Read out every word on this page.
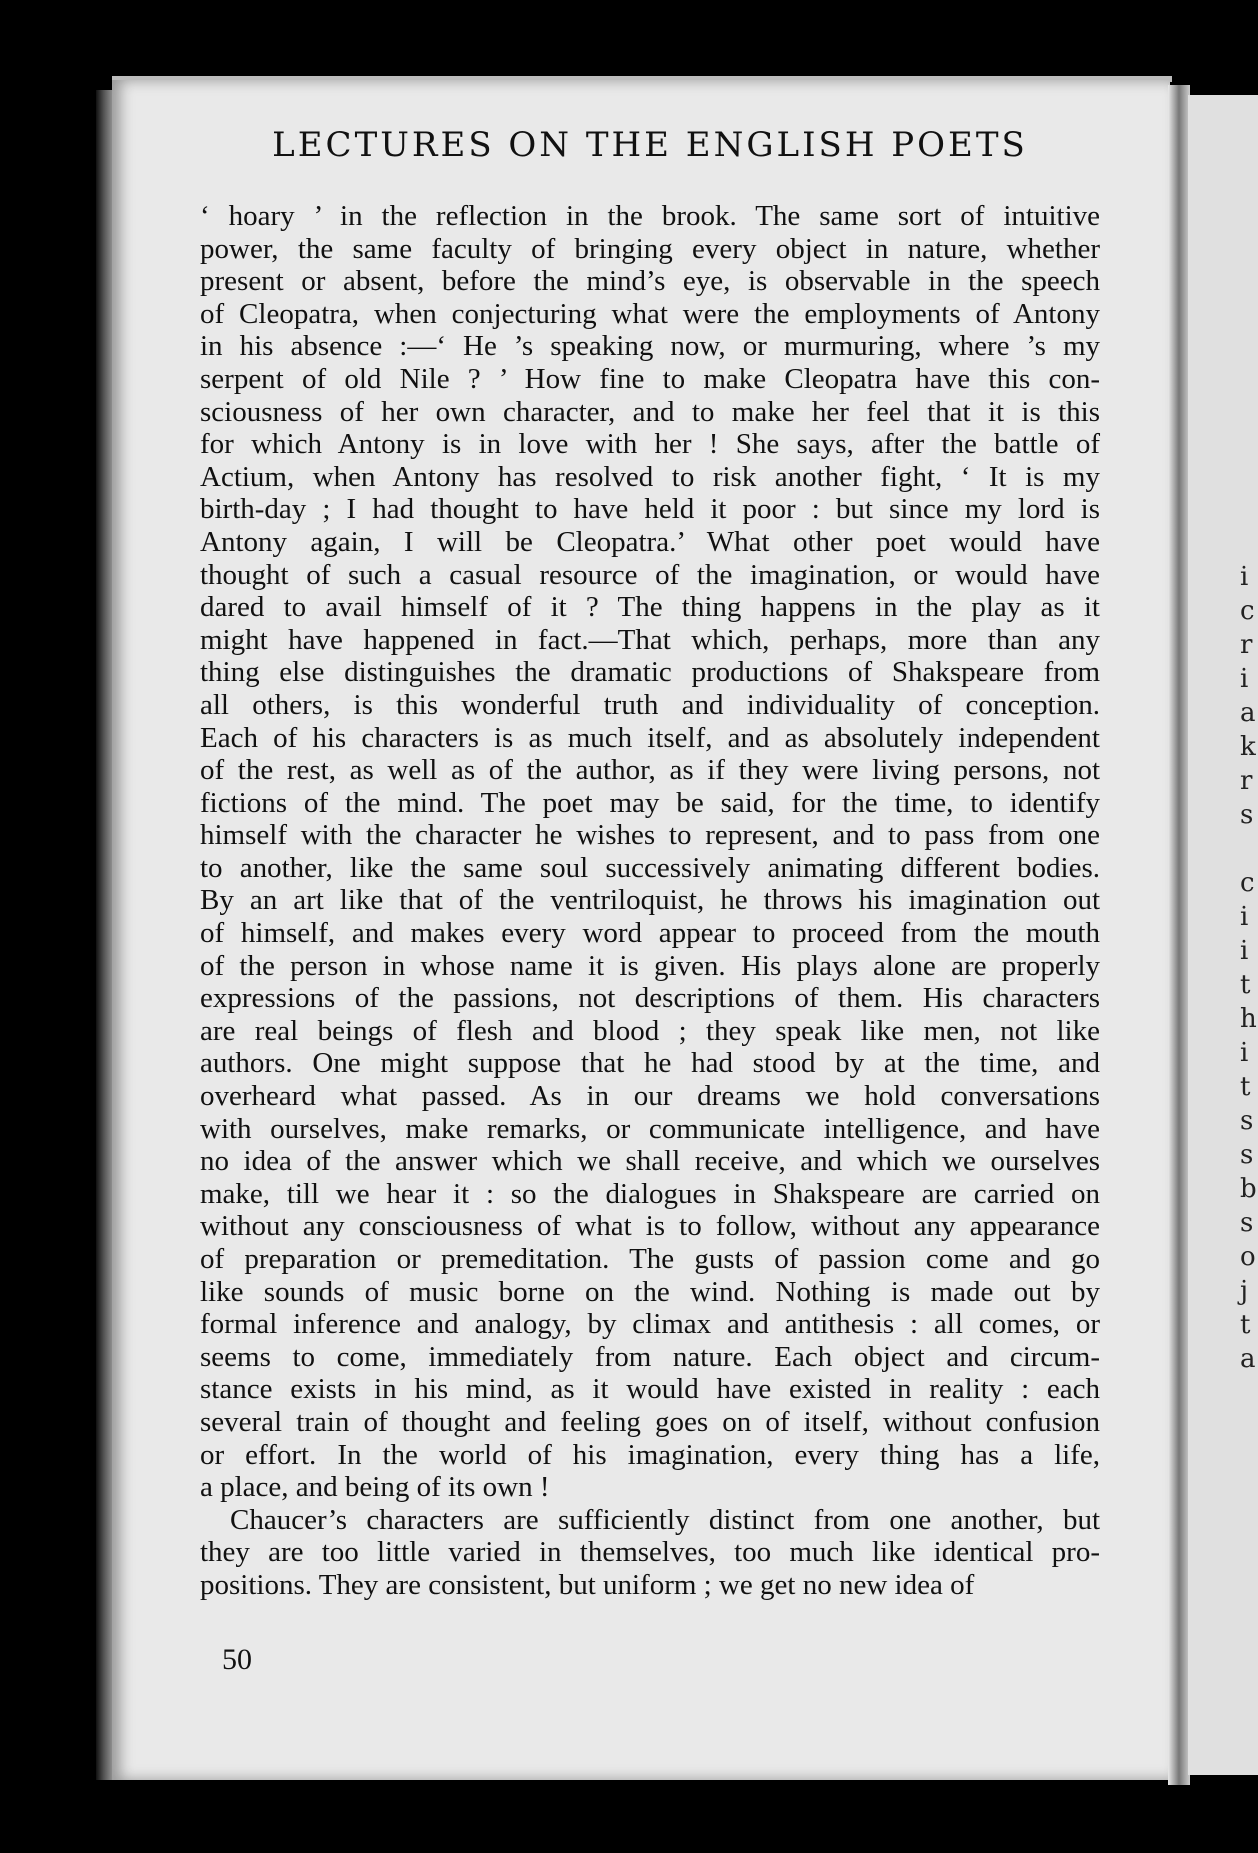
i
c
r
i
a
k
r
s
c
i
i
t
h
i
t
s
s
b
s
o
j
t
a
LECTURES ON THE ENGLISH POETS
‘ hoary ’ in the reflection in the brook. The same sort of intuitive
power, the same faculty of bringing every object in nature, whether
present or absent, before the mind’s eye, is observable in the speech
of Cleopatra, when conjecturing what were the employments of Antony
in his absence :—‘ He ’s speaking now, or murmuring, where ’s my
serpent of old Nile ? ’ How fine to make Cleopatra have this con-
sciousness of her own character, and to make her feel that it is this
for which Antony is in love with her ! She says, after the battle of
Actium, when Antony has resolved to risk another fight, ‘ It is my
birth-day ; I had thought to have held it poor : but since my lord is
Antony again, I will be Cleopatra.’ What other poet would have
thought of such a casual resource of the imagination, or would have
dared to avail himself of it ? The thing happens in the play as it
might have happened in fact.—That which, perhaps, more than any
thing else distinguishes the dramatic productions of Shakspeare from
all others, is this wonderful truth and individuality of conception.
Each of his characters is as much itself, and as absolutely independent
of the rest, as well as of the author, as if they were living persons, not
fictions of the mind. The poet may be said, for the time, to identify
himself with the character he wishes to represent, and to pass from one
to another, like the same soul successively animating different bodies.
By an art like that of the ventriloquist, he throws his imagination out
of himself, and makes every word appear to proceed from the mouth
of the person in whose name it is given. His plays alone are properly
expressions of the passions, not descriptions of them. His characters
are real beings of flesh and blood ; they speak like men, not like
authors. One might suppose that he had stood by at the time, and
overheard what passed. As in our dreams we hold conversations
with ourselves, make remarks, or communicate intelligence, and have
no idea of the answer which we shall receive, and which we ourselves
make, till we hear it : so the dialogues in Shakspeare are carried on
without any consciousness of what is to follow, without any appearance
of preparation or premeditation. The gusts of passion come and go
like sounds of music borne on the wind. Nothing is made out by
formal inference and analogy, by climax and antithesis : all comes, or
seems to come, immediately from nature. Each object and circum-
stance exists in his mind, as it would have existed in reality : each
several train of thought and feeling goes on of itself, without confusion
or effort. In the world of his imagination, every thing has a life,
a place, and being of its own !
Chaucer’s characters are sufficiently distinct from one another, but
they are too little varied in themselves, too much like identical pro-
positions. They are consistent, but uniform ; we get no new idea of
50
